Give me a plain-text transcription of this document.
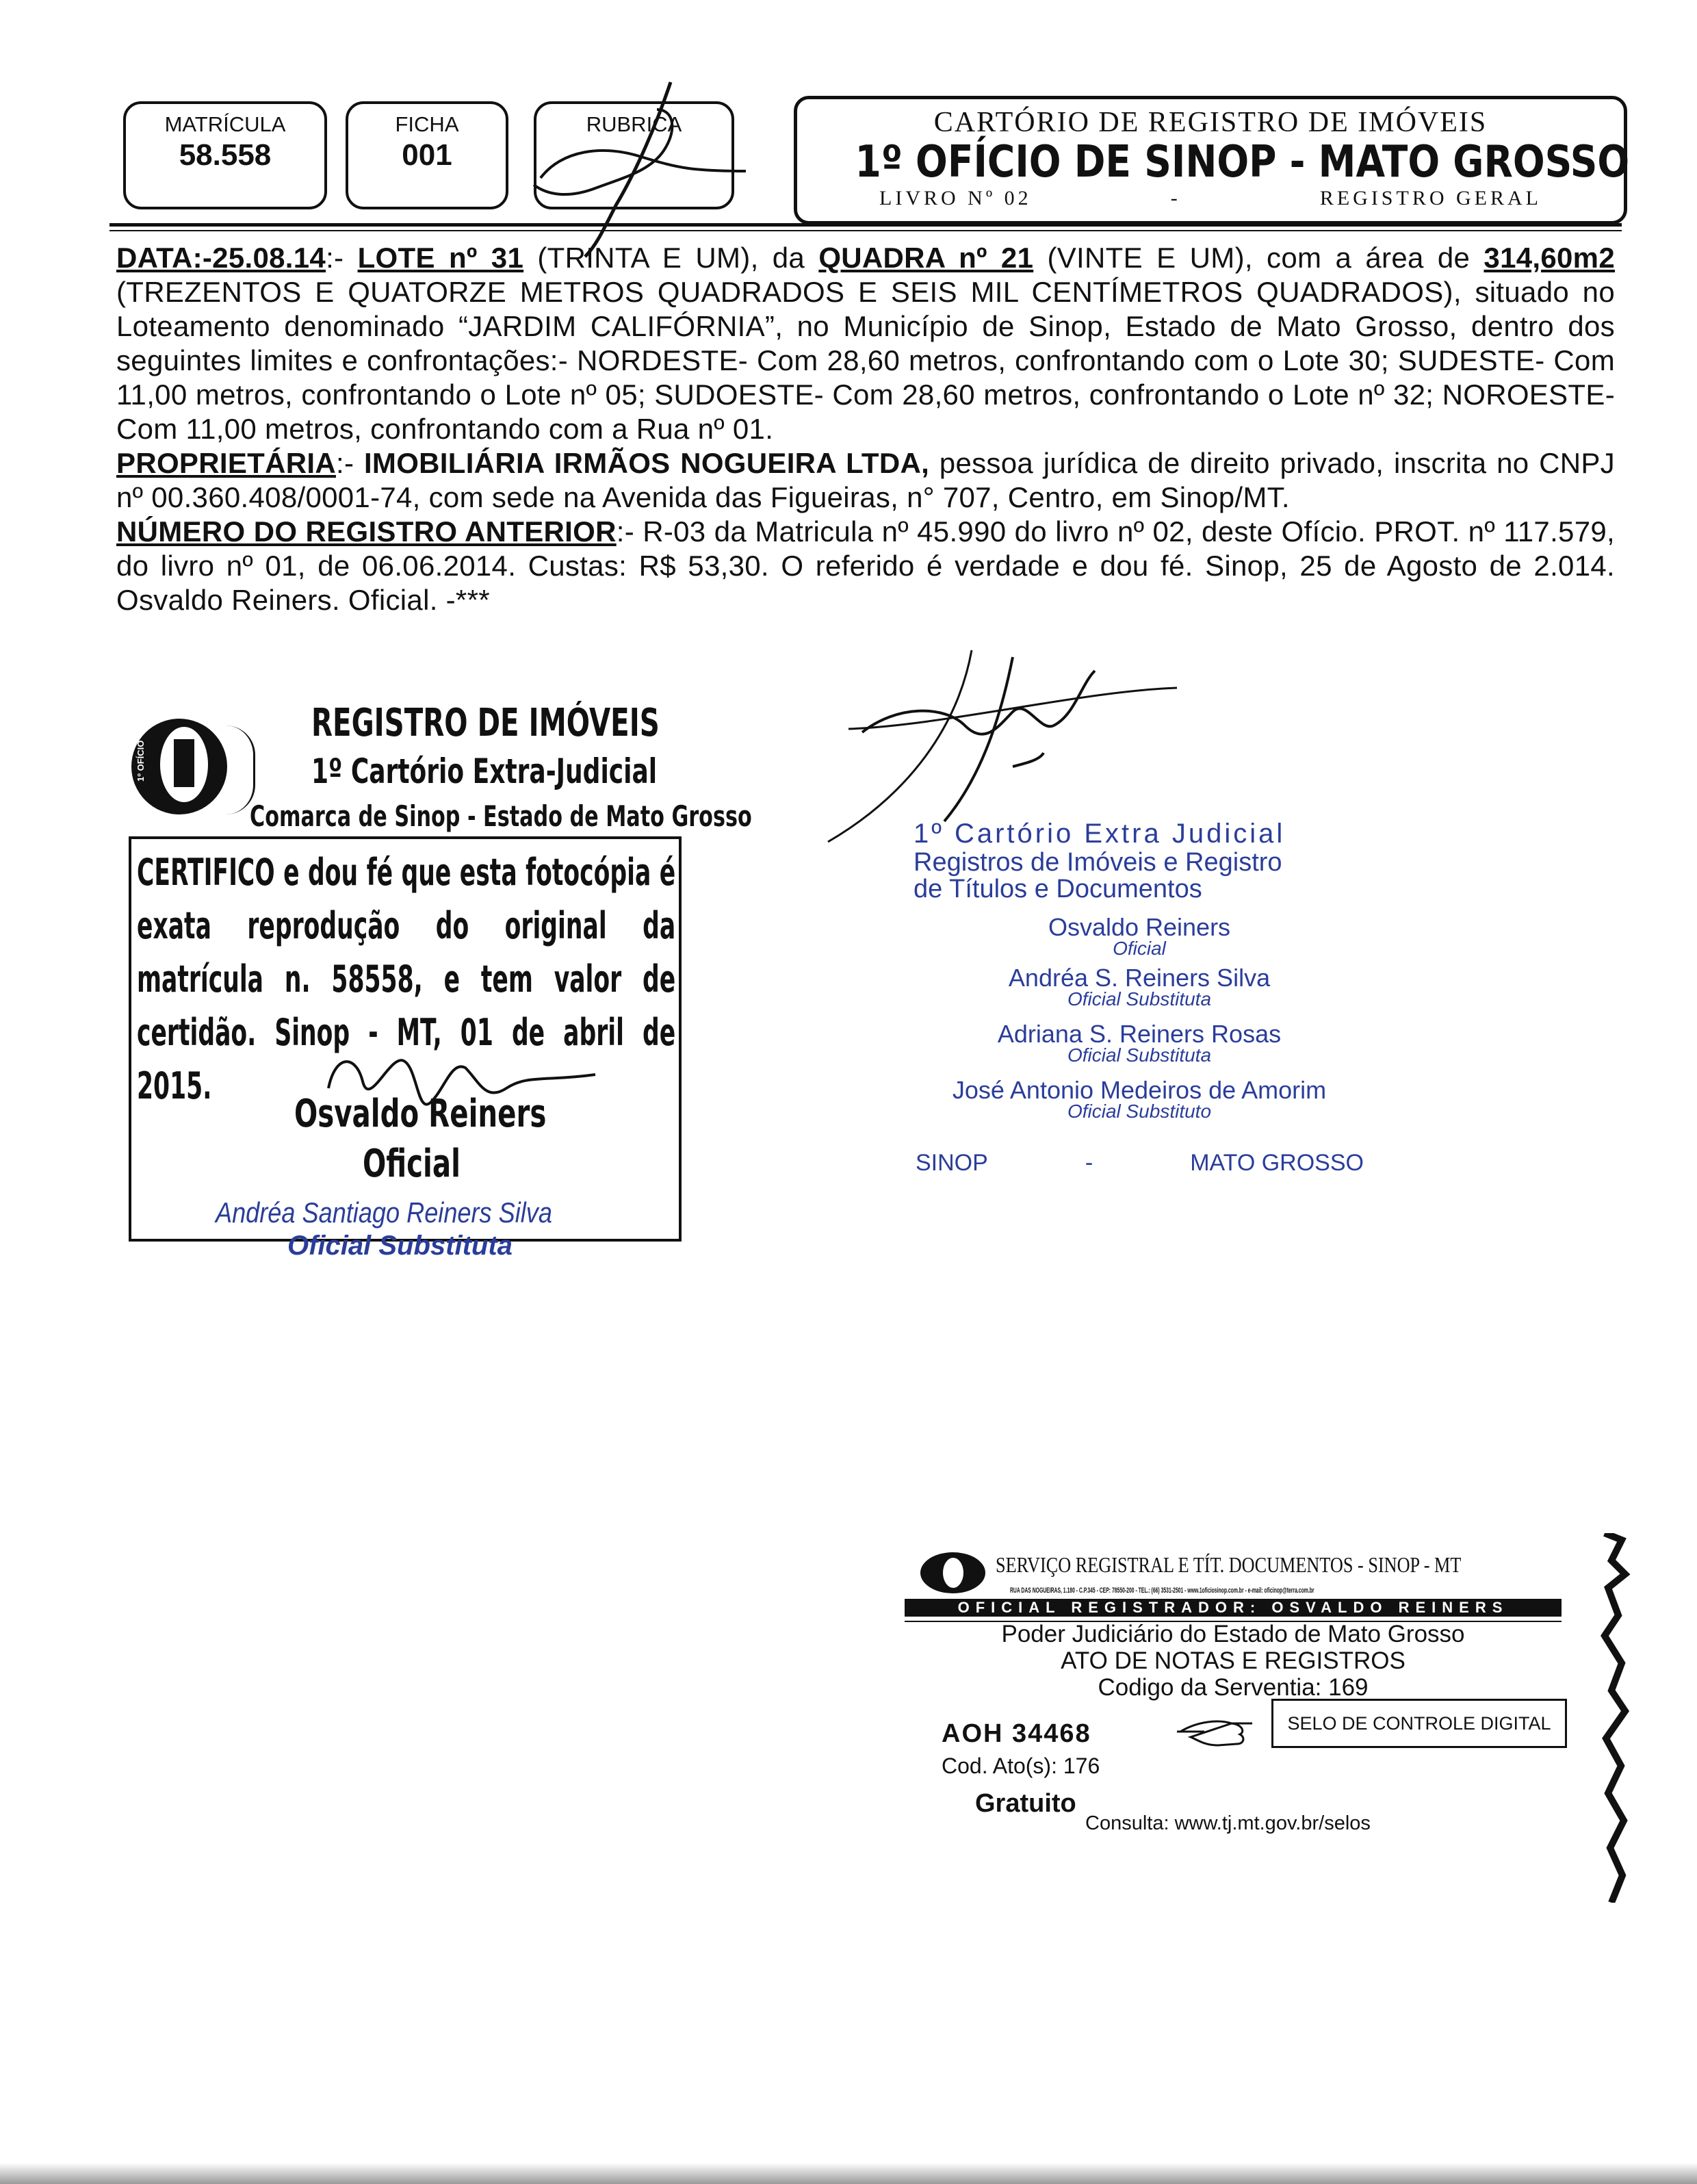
MATRÍCULA
58.558
FICHA
001
RUBRICA	CARTÓRIO DE REGISTRO DE IMÓVEIS
1º OFÍCIO DE SINOP - MATO GROSSO
LIVRO Nº 02	-	REGISTRO GERAL

DATA:-25.08.14:- LOTE nº 31 (TRINTA E UM), da QUADRA nº 21 (VINTE E UM), com a área de 314,60m2 (TREZENTOS E QUATORZE METROS QUADRADOS E SEIS MIL CENTÍMETROS QUADRADOS), situado no Loteamento denominado “JARDIM CALIFÓRNIA”, no Município de Sinop, Estado de Mato Grosso, dentro dos seguintes limites e confrontações:- NORDESTE- Com 28,60 metros, confrontando com o Lote 30; SUDESTE- Com 11,00 metros, confrontando o Lote nº 05; SUDOESTE- Com 28,60 metros, confrontando o Lote nº 32; NOROESTE- Com 11,00 metros, confrontando com a Rua nº 01.

PROPRIETÁRIA:- IMOBILIÁRIA IRMÃOS NOGUEIRA LTDA, pessoa jurídica de direito privado, inscrita no CNPJ nº 00.360.408/0001-74, com sede na Avenida das Figueiras, n° 707, Centro, em Sinop/MT.

NÚMERO DO REGISTRO ANTERIOR:- R-03 da Matricula nº 45.990 do livro nº 02, deste Ofício. PROT. nº 117.579, do livro nº 01, de 06.06.2014. Custas: R$ 53,30. O referido é verdade e dou fé. Sinop, 25 de Agosto de 2.014. Osvaldo Reiners. Oficial. -***

1º OFÍCIO
REGISTRO DE IMÓVEIS
1º Cartório Extra-Judicial
Comarca de Sinop - Estado de Mato Grosso
CERTIFICO e dou fé que esta fotocópia é exata reprodução do original da matrícula n. 58558, e tem valor de certidão. Sinop - MT, 01 de abril de 2015.
Osvaldo Reiners
Oficial
Andréa Santiago Reiners Silva
Oficial Substituta
1º Cartório Extra Judicial
Registros de Imóveis e Registro
de Títulos e Documentos
Osvaldo Reiners
Oficial
Andréa S. Reiners Silva
Oficial Substituta
Adriana S. Reiners Rosas
Oficial Substituta
José Antonio Medeiros de Amorim
Oficial Substituto
SINOP	-	MATO GROSSO
SERVIÇO REGISTRAL E TÍT. DOCUMENTOS - SINOP - MT
RUA DAS NOGUEIRAS, 1.180 - C.P.345 - CEP: 78550-200 - TEL.: (66) 3531-2501 - www.1oficiosinop.com.br - e-mail: oficinop@terra.com.br
OFICIAL REGISTRADOR: OSVALDO REINERS
Poder Judiciário do Estado de Mato Grosso
ATO DE NOTAS E REGISTROS
Codigo da Serventia: 169
AOH 34468	SELO DE CONTROLE DIGITAL
Cod. Ato(s): 176
Gratuito
Consulta: www.tj.mt.gov.br/selos
